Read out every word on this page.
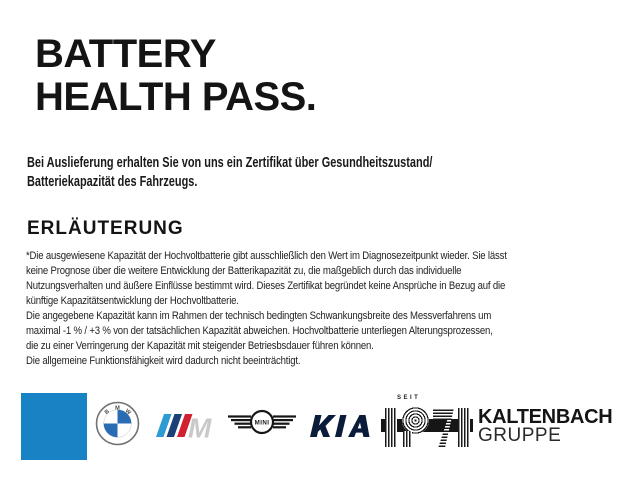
BATTERY
HEALTH PASS.
Bei Auslieferung erhalten Sie von uns ein Zertifikat über Gesundheitszustand/
Batteriekapazität des Fahrzeugs.
ERLÄUTERUNG
*Die ausgewiesene Kapazität der Hochvoltbatterie gibt ausschließlich den Wert im Diagnosezeitpunkt wieder. Sie lässt
keine Prognose über die weitere Entwicklung der Batterikapazität zu, die maßgeblich durch das individuelle
Nutzungsverhalten und äußere Einflüsse bestimmt wird. Dieses Zertifikat begründet keine Ansprüche in Bezug auf die
künftige Kapazitätsentwicklung der Hochvoltbatterie.
Die angegebene Kapazität kann im Rahmen der technisch bedingten Schwankungsbreite des Messverfahrens um
maximal -1 % / +3 % von der tatsächlichen Kapazität abweichen. Hochvoltbatterie unterliegen Alterungsprozessen,
die zu einer Verringerung der Kapazität mit steigender Betriesbsdauer führen können.
Die allgemeine Funktionsfähigkeit wird dadurch nicht beeinträchtigt.
B
M W
M	MINI
SEIT
KALTENBACH
GRUPPE
